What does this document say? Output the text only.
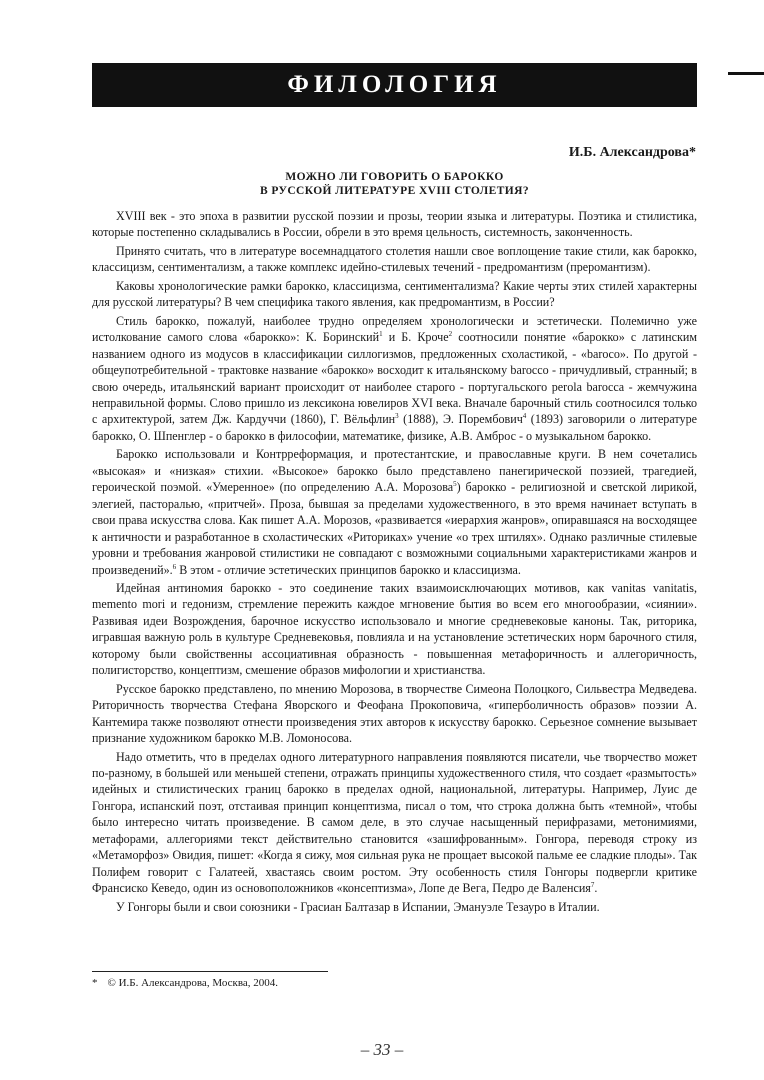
ФИЛОЛОГИЯ
И.Б. Александрова*
МОЖНО ЛИ ГОВОРИТЬ О БАРОККО
В РУССКОЙ ЛИТЕРАТУРЕ XVIII СТОЛЕТИЯ?

XVIII век - это эпоха в развитии русской поэзии и прозы, теории языка и литературы. Поэтика и стилистика, которые постепенно складывались в России, обрели в это время цельность, системность, законченность.

Принято считать, что в литературе восемнадцатого столетия нашли свое воплощение такие стили, как барокко, классицизм, сентиментализм, а также комплекс идейно-стилевых течений - предромантизм (преромантизм).

Каковы хронологические рамки барокко, классицизма, сентиментализма? Какие черты этих стилей характерны для русской литературы? В чем специфика такого явления, как предромантизм, в России?

Стиль барокко, пожалуй, наиболее трудно определяем хронологически и эстетически. Полемично уже истолкование самого слова «барокко»: К. Боринский$^1$ и Б. Кроче$^2$ соотносили понятие «барокко» с латинским названием одного из модусов в классификации силлогизмов, предложенных схоластикой, - «barocо». По другой - общеупотребительной - трактовке название «барокко» восходит к итальянскому barocco - причудливый, странный; в свою очередь, итальянский вариант происходит от наиболее старого - португальского perola barocca - жемчужина неправильной формы. Слово пришло из лексикона ювелиров XVI века. Вначале барочный стиль соотносился только с архитектурой, затем Дж. Кардуччи (1860), Г. Вёльфлин$^3$ (1888), Э. Порембович$^4$ (1893) заговорили о литературе барокко, О. Шпенглер - о барокко в философии, математике, физике, А.В. Амброс - о музыкальном барокко.

Барокко использовали и Контрреформация, и протестантские, и православные круги. В нем сочетались «высокая» и «низкая» стихии. «Высокое» барокко было представлено панегирической поэзией, трагедией, героической поэмой. «Умеренное» (по определению А.А. Морозова$^5$) барокко - религиозной и светской лирикой, элегией, пасторалью, «притчей». Проза, бывшая за пределами художественного, в это время начинает вступать в свои права искусства слова. Как пишет А.А. Морозов, «развивается «иерархия жанров», опиравшаяся на восходящее к античности и разработанное в схоластических «Риториках» учение «о трех штилях». Однако различные стилевые уровни и требования жанровой стилистики не совпадают с возможными социальными характеристиками жанров и произведений».$^6$ В этом - отличие эстетических принципов барокко и классицизма.

Идейная антиномия барокко - это соединение таких взаимоисключающих мотивов, как vanitas vanitatis, memento mori и гедонизм, стремление пережить каждое мгновение бытия во всем его многообразии, «сиянии». Развивая идеи Возрождения, барочное искусство использовало и многие средневековые каноны. Так, риторика, игравшая важную роль в культуре Средневековья, повлияла и на установление эстетических норм барочного стиля, которому были свойственны ассоциативная образность - повышенная метафоричность и аллегоричность, полигисторство, концептизм, смешение образов мифологии и христианства.

Русское барокко представлено, по мнению Морозова, в творчестве Симеона Полоцкого, Сильвестра Медведева. Риторичность творчества Стефана Яворского и Феофана Прокоповича, «гиперболичность образов» поэзии А. Кантемира также позволяют отнести произведения этих авторов к искусству барокко. Серьезное сомнение вызывает признание художником барокко М.В. Ломоносова.

Надо отметить, что в пределах одного литературного направления появляются писатели, чье творчество может по-разному, в большей или меньшей степени, отражать принципы художественного стиля, что создает «размытость» идейных и стилистических границ барокко в пределах одной, национальной, литературы. Например, Луис де Гонгора, испанский поэт, отстаивая принцип концептизма, писал о том, что строка должна быть «темной», чтобы было интересно читать произведение. В самом деле, в это случае насыщенный перифразами, метонимиями, метафорами, аллегориями текст действительно становится «зашифрованным». Гонгора, переводя строку из «Метаморфоз» Овидия, пишет: «Когда я сижу, моя сильная рука не прощает высокой пальме ее сладкие плоды». Так Полифем говорит с Галатеей, хвастаясь своим ростом. Эту особенность стиля Гонгоры подвергли критике Франсиско Кеведо, один из основоположников «консептизма», Лопе де Вега, Педро де Валенсия$^7$.

У Гонгоры были и свои союзники - Грасиан Балтазар в Испании, Эмануэле Тезауро в Италии.

* © И.Б. Александрова, Москва, 2004.
– 33 –
